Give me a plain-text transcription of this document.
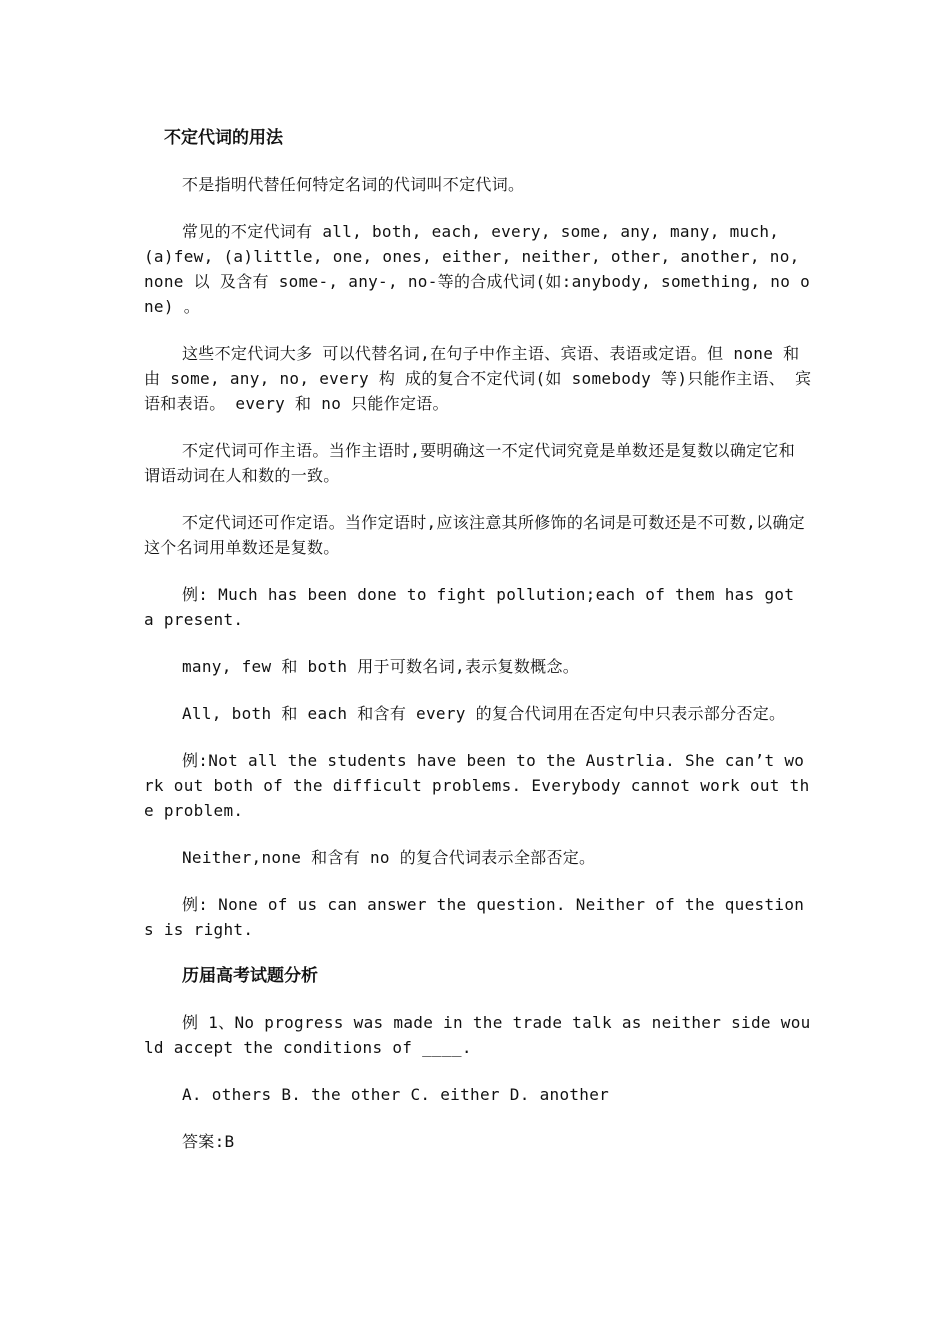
不定代词的用法

不是指明代替任何特定名词的代词叫不定代词。

常见的不定代词有 all, both, each, every, some, any, many, much, (a)few, (a)little, one, ones, either, neither, other, another, no, none 以 及含有 some-, any-, no-等的合成代词(如:anybody, something, no one) 。

这些不定代词大多 可以代替名词,在句子中作主语、宾语、表语或定语。但 none 和由 some, any, no, every 构 成的复合不定代词(如 somebody 等)只能作主语、 宾语和表语。 every 和 no 只能作定语。

不定代词可作主语。当作主语时,要明确这一不定代词究竟是单数还是复数以确定它和 谓语动词在人和数的一致。

不定代词还可作定语。当作定语时,应该注意其所修饰的名词是可数还是不可数,以确定 这个名词用单数还是复数。

例: Much has been done to fight pollution;each of them has got a present.

many, few 和 both 用于可数名词,表示复数概念。

All, both 和 each 和含有 every 的复合代词用在否定句中只表示部分否定。

例:Not all the students have been to the Austrlia. She can’t work out both of the difficult problems. Everybody cannot work out the problem.

Neither,none 和含有 no 的复合代词表示全部否定。

例: None of us can answer the question. Neither of the questions is right.

历届高考试题分析

例 1、No progress was made in the trade talk as neither side would accept the conditions of ____.

A. others B. the other C. either D. another

答案:B
